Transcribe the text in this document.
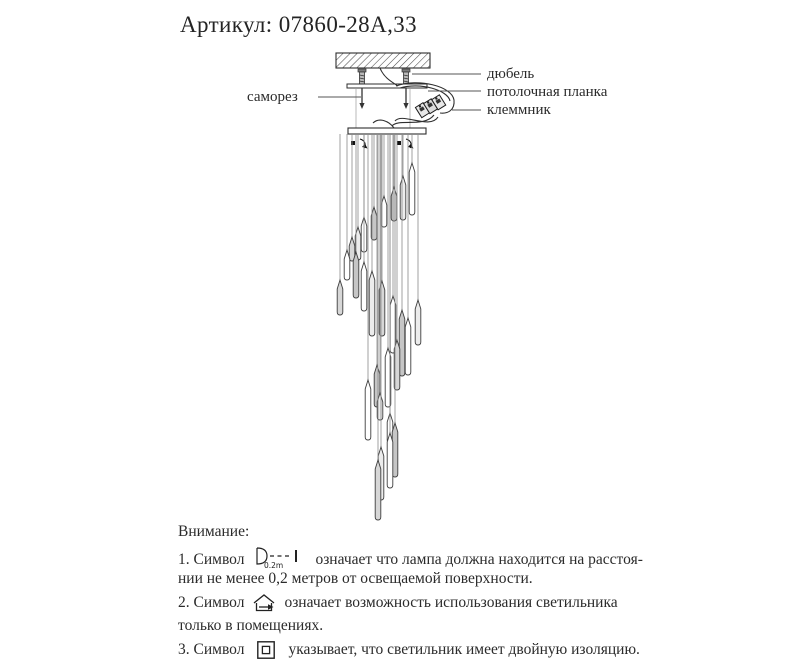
Артикул: 07860-28А,33
дюбель
потолочная планка
клеммник
саморез
Внимание:
1. Символ	0.2m означает что лампа должна находится на расстоя-
нии не менее 0,2 метров от освещаемой поверхности.
2. Символ	означает возможность использования светильника
только в помещениях.
3. Символ	указывает, что светильник имеет двойную изоляцию.
